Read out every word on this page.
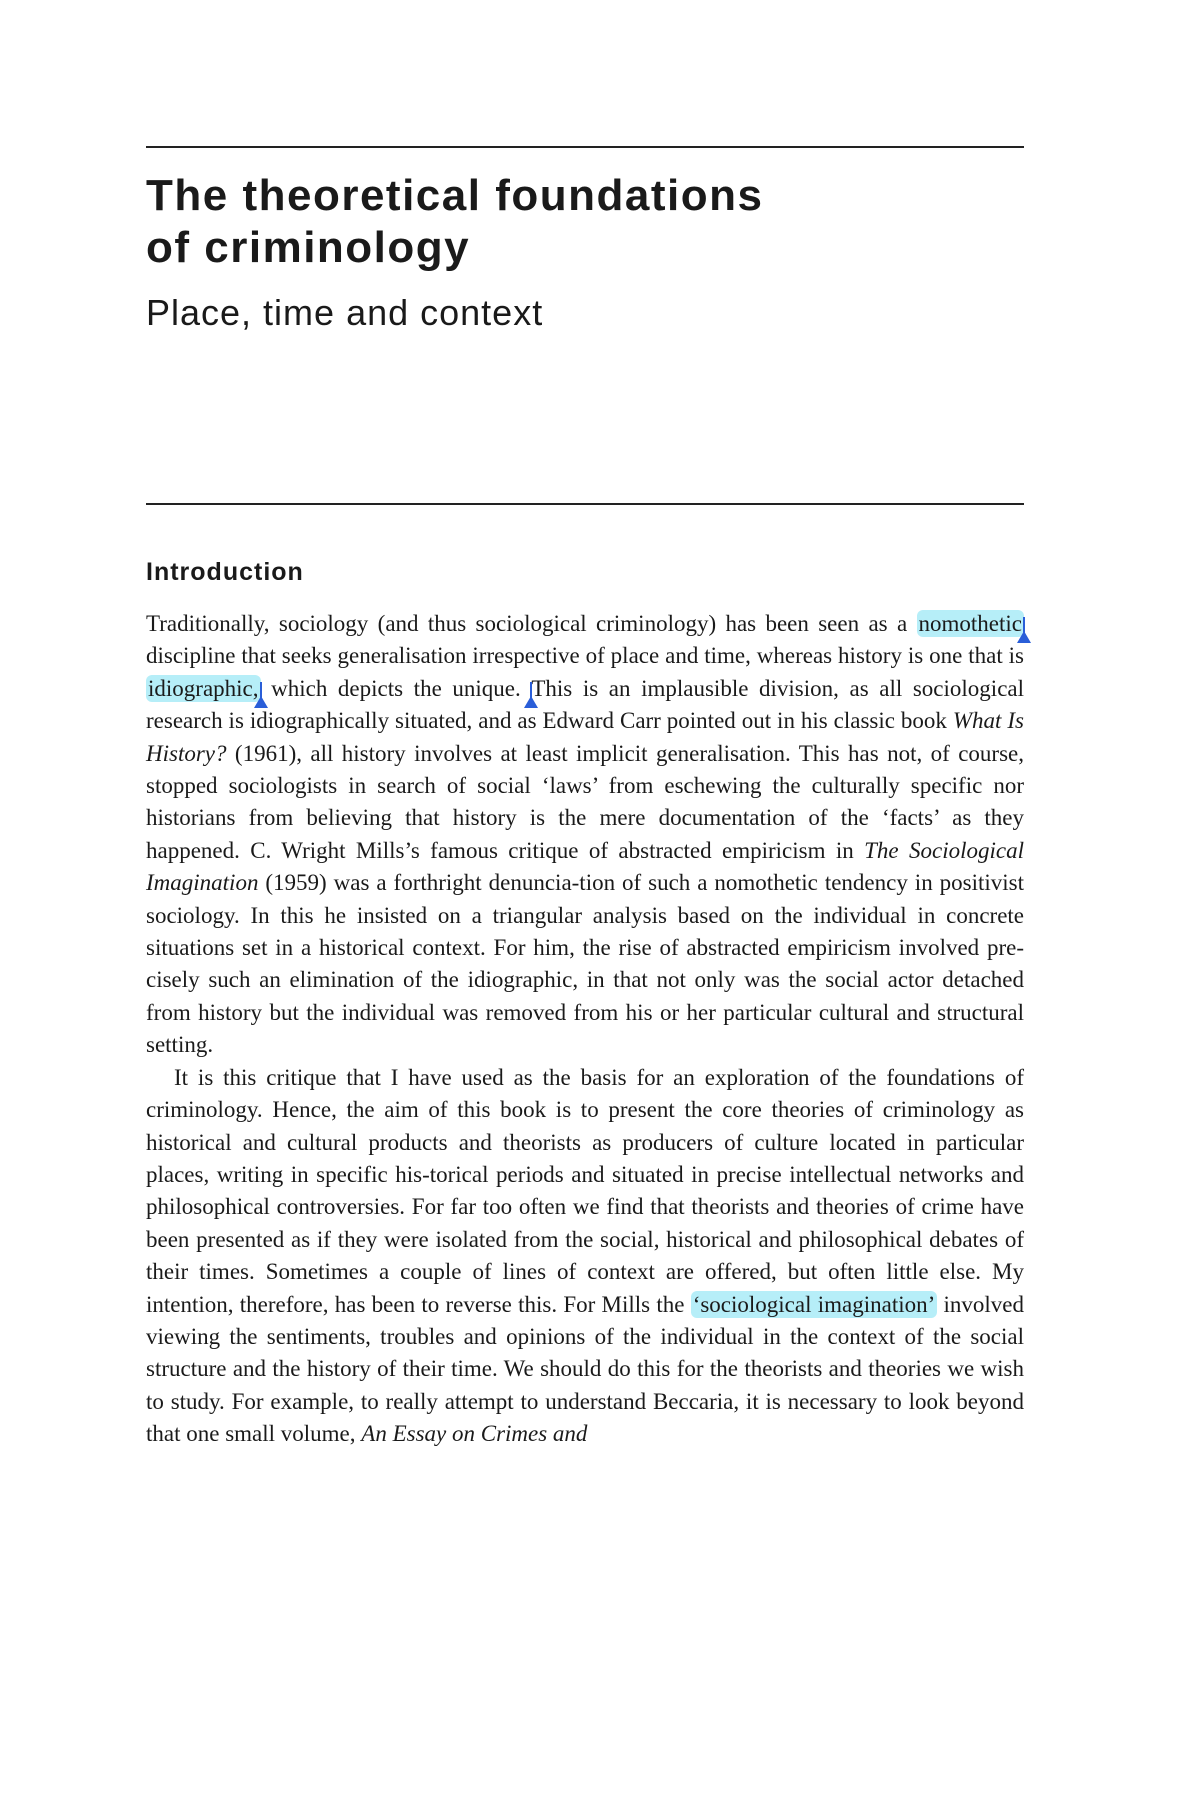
The theoretical foundations
of criminology
Place, time and context
Introduction

Traditionally, sociology (and thus sociological criminology) has been seen as a nomotheticdiscipline that seeks generalisation irrespective of place and time, whereas history is one that is idiographic, which depicts the unique. This is an implausible division, as all sociological research is idiographically situated, and as Edward Carr pointed out in his classic book What Is History? (1961), all history involves at least implicit generalisation. This has not, of course, stopped sociologists in search of social ‘laws’ from eschewing the culturally specific nor historians from believing that history is the mere documentation of the ‘facts’ as they happened. C. Wright Mills’s famous critique of abstracted empiricism in The Sociological Imagination (1959) was a forthright denuncia-tion of such a nomothetic tendency in positivist sociology. In this he insisted on a triangular analysis based on the individual in concrete situations set in a historical context. For him, the rise of abstracted empiricism involved pre-cisely such an elimination of the idiographic, in that not only was the social actor detached from history but the individual was removed from his or her particular cultural and structural setting.

It is this critique that I have used as the basis for an exploration of the foundations of criminology. Hence, the aim of this book is to present the core theories of criminology as historical and cultural products and theorists as producers of culture located in particular places, writing in specific his-torical periods and situated in precise intellectual networks and philosophical controversies. For far too often we find that theorists and theories of crime have been presented as if they were isolated from the social, historical and philosophical debates of their times. Sometimes a couple of lines of context are offered, but often little else. My intention, therefore, has been to reverse this. For Mills the ‘sociological imagination’ involved viewing the sentiments, troubles and opinions of the individual in the context of the social structure and the history of their time. We should do this for the theorists and theories we wish to study. For example, to really attempt to understand Beccaria, it is necessary to look beyond that one small volume, An Essay on Crimes and
